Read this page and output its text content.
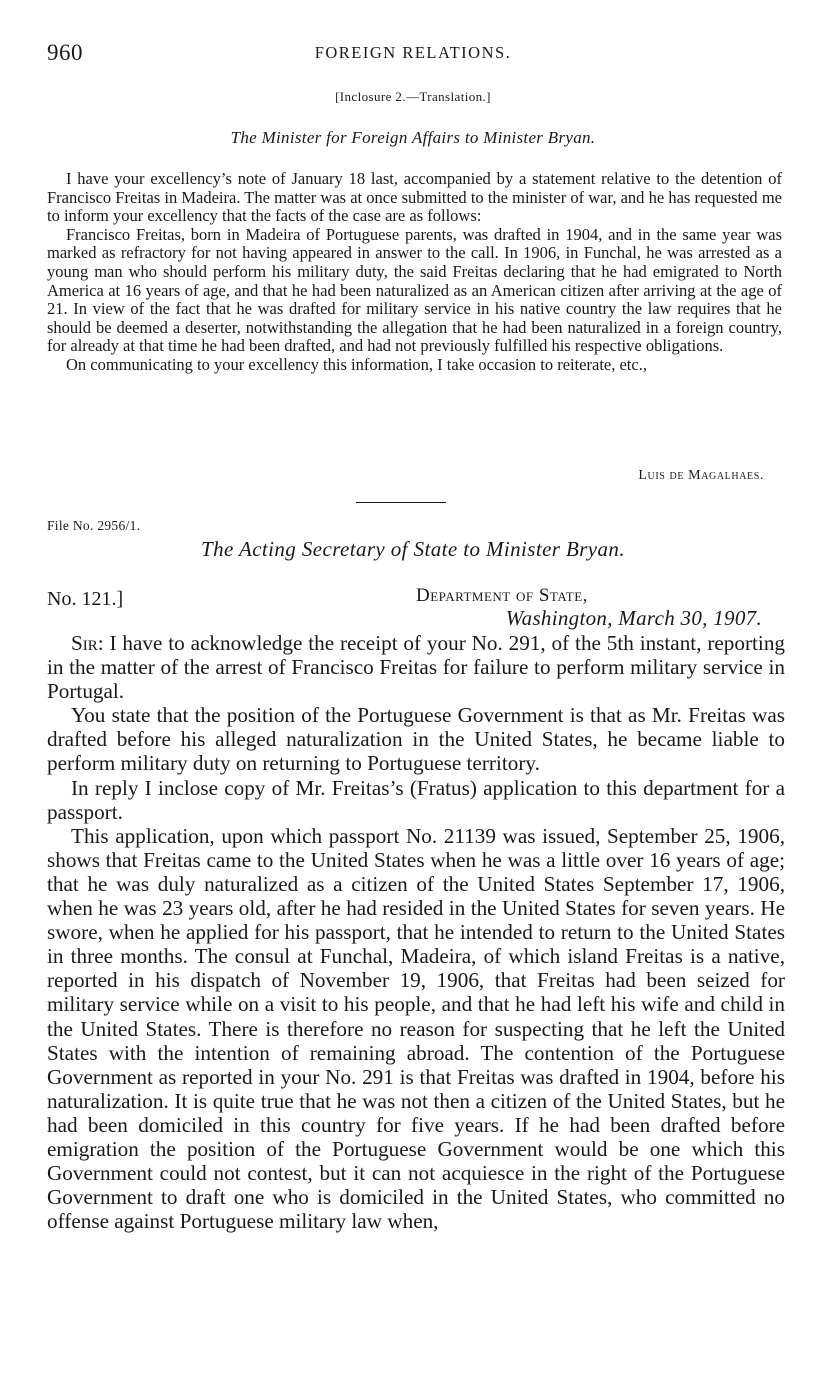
960	FOREIGN RELATIONS.
[Inclosure 2.—Translation.]
The Minister for Foreign Affairs to Minister Bryan.

I have your excellency’s note of January 18 last, accompanied by a statement relative to the detention of Francisco Freitas in Madeira. The matter was at once submitted to the minister of war, and he has requested me to inform your excellency that the facts of the case are as follows:

Francisco Freitas, born in Madeira of Portuguese parents, was drafted in 1904, and in the same year was marked as refractory for not having appeared in answer to the call. In 1906, in Funchal, he was arrested as a young man who should perform his military duty, the said Freitas declaring that he had emigrated to North America at 16 years of age, and that he had been naturalized as an American citizen after arriving at the age of 21. In view of the fact that he was drafted for military service in his native country the law requires that he should be deemed a deserter, notwithstanding the allegation that he had been naturalized in a foreign country, for already at that time he had been drafted, and had not previously fulfilled his respective obligations.

On communicating to your excellency this information, I take occasion to reiterate, etc.,

Luis de Magalhaes.
File No. 2956/1.
The Acting Secretary of State to Minister Bryan.
No. 121.]	Department of State,
Washington, March 30, 1907.

Sir: I have to acknowledge the receipt of your No. 291, of the 5th instant, reporting in the matter of the arrest of Francisco Freitas for failure to perform military service in Portugal.

You state that the position of the Portuguese Government is that as Mr. Freitas was drafted before his alleged naturalization in the United States, he became liable to perform military duty on returning to Portuguese territory.

In reply I inclose copy of Mr. Freitas’s (Fratus) application to this department for a passport.

This application, upon which passport No. 21139 was issued, September 25, 1906, shows that Freitas came to the United States when he was a little over 16 years of age; that he was duly naturalized as a citizen of the United States September 17, 1906, when he was 23 years old, after he had resided in the United States for seven years. He swore, when he applied for his passport, that he intended to return to the United States in three months. The consul at Funchal, Madeira, of which island Freitas is a native, reported in his dispatch of November 19, 1906, that Freitas had been seized for military service while on a visit to his people, and that he had left his wife and child in the United States. There is therefore no reason for suspecting that he left the United States with the intention of remaining abroad. The contention of the Portuguese Government as reported in your No. 291 is that Freitas was drafted in 1904, before his naturalization. It is quite true that he was not then a citizen of the United States, but he had been domiciled in this country for five years. If he had been drafted before emigration the position of the Portuguese Government would be one which this Government could not contest, but it can not acquiesce in the right of the Portuguese Government to draft one who is domiciled in the United States, who committed no offense against Portuguese military law when,
